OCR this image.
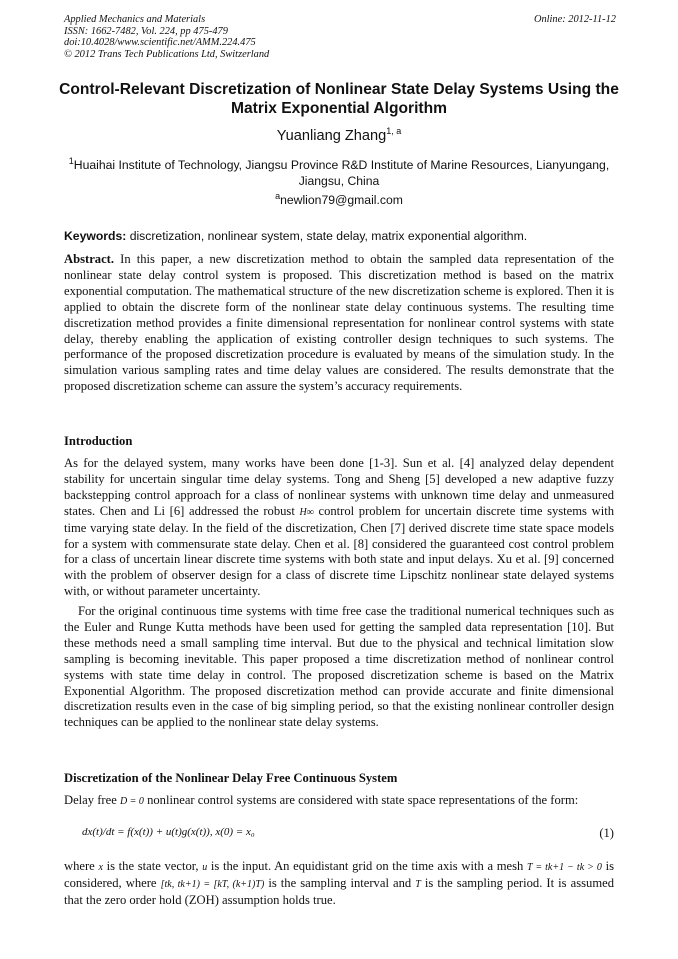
Applied Mechanics and Materials
ISSN: 1662-7482, Vol. 224, pp 475-479
doi:10.4028/www.scientific.net/AMM.224.475
© 2012 Trans Tech Publications Ltd, Switzerland
Online: 2012-11-12
Control-Relevant Discretization of Nonlinear State Delay Systems Using the Matrix Exponential Algorithm
Yuanliang Zhang$^{1, a}$
$^1$Huaihai Institute of Technology, Jiangsu Province R&D Institute of Marine Resources, Lianyungang, Jiangsu, China
$^a$newlion79@gmail.com
Keywords: discretization, nonlinear system, state delay, matrix exponential algorithm.
Abstract. In this paper, a new discretization method to obtain the sampled data representation of the nonlinear state delay control system is proposed. This discretization method is based on the matrix exponential computation. The mathematical structure of the new discretization scheme is explored. Then it is applied to obtain the discrete form of the nonlinear state delay continuous systems. The resulting time discretization method provides a finite dimensional representation for nonlinear control systems with state delay, thereby enabling the application of existing controller design techniques to such systems. The performance of the proposed discretization procedure is evaluated by means of the simulation study. In the simulation various sampling rates and time delay values are considered. The results demonstrate that the proposed discretization scheme can assure the system’s accuracy requirements.
Introduction
As for the delayed system, many works have been done [1-3]. Sun et al. [4] analyzed delay dependent stability for uncertain singular time delay systems. Tong and Sheng [5] developed a new adaptive fuzzy backstepping control approach for a class of nonlinear systems with unknown time delay and unmeasured states. Chen and Li [6] addressed the robust H∞ control problem for uncertain discrete time systems with time varying state delay. In the field of the discretization, Chen [7] derived discrete time state space models for a system with commensurate state delay. Chen et al. [8] considered the guaranteed cost control problem for a class of uncertain linear discrete time systems with both state and input delays. Xu et al. [9] concerned with the problem of observer design for a class of discrete time Lipschitz nonlinear state delayed systems with, or without parameter uncertainty.
For the original continuous time systems with time free case the traditional numerical techniques such as the Euler and Runge Kutta methods have been used for getting the sampled data representation [10]. But these methods need a small sampling time interval. But due to the physical and technical limitation slow sampling is becoming inevitable. This paper proposed a time discretization method of nonlinear control systems with state time delay in control. The proposed discretization scheme is based on the Matrix Exponential Algorithm. The proposed discretization method can provide accurate and finite dimensional discretization results even in the case of big simpling period, so that the existing nonlinear controller design techniques can be applied to the nonlinear state delay systems.
Discretization of the Nonlinear Delay Free Continuous System
Delay free D = 0 nonlinear control systems are considered with state space representations of the form:
dx(t)/dt = f(x(t)) + u(t)g(x(t)), x(0) = x₀	(1)
where x is the state vector, u is the input. An equidistant grid on the time axis with a mesh T = tk+1 − tk > 0 is considered, where [tk, tk+1) = [kT, (k+1)T) is the sampling interval and T is the sampling period. It is assumed that the zero order hold (ZOH) assumption holds true.
